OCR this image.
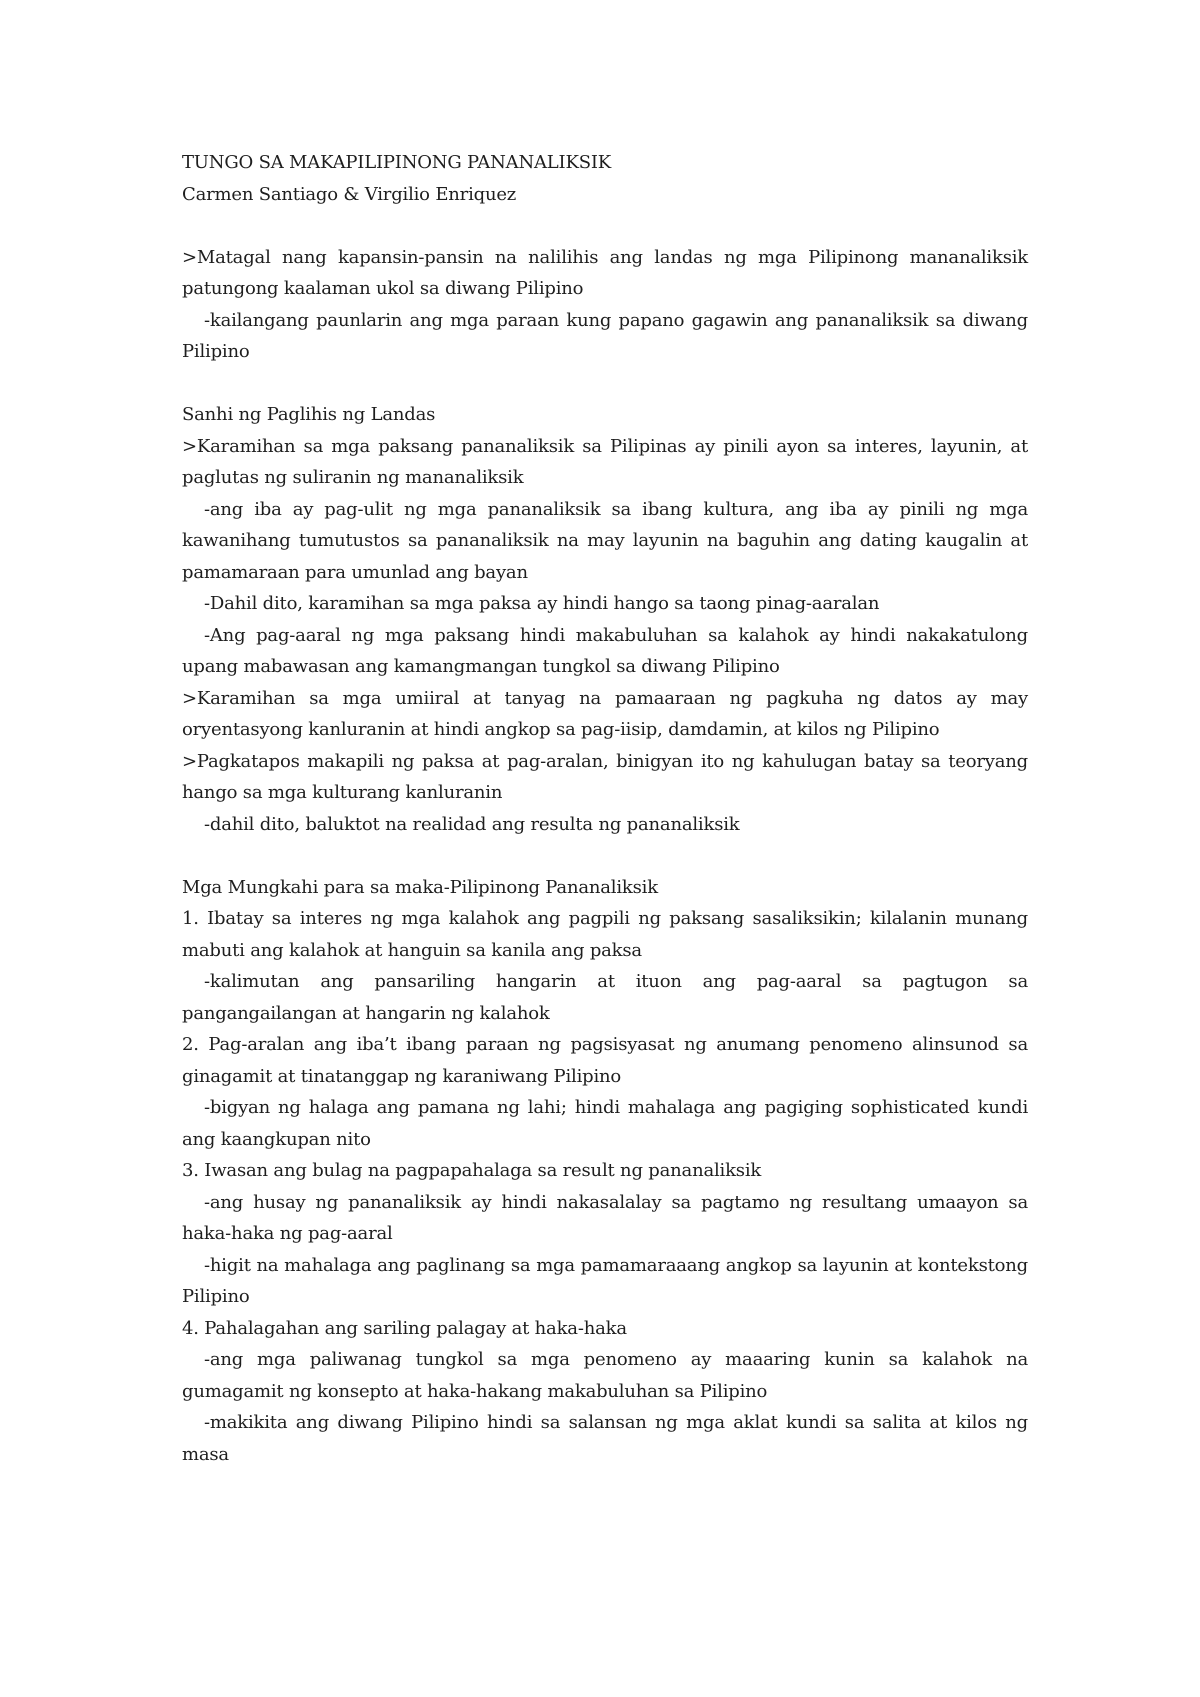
TUNGO SA MAKAPILIPINONG PANANALIKSIK

Carmen Santiago & Virgilio Enriquez

>Matagal nang kapansin-pansin na nalilihis ang landas ng mga Pilipinong mananaliksik patungong kaalaman ukol sa diwang Pilipino

-kailangang paunlarin ang mga paraan kung papano gagawin ang pananaliksik sa diwang Pilipino

Sanhi ng Paglihis ng Landas

>Karamihan sa mga paksang pananaliksik sa Pilipinas ay pinili ayon sa interes, layunin, at paglutas ng suliranin ng mananaliksik

-ang iba ay pag-ulit ng mga pananaliksik sa ibang kultura, ang iba ay pinili ng mga kawanihang tumutustos sa pananaliksik na may layunin na baguhin ang dating kaugalin at pamamaraan para umunlad ang bayan

-Dahil dito, karamihan sa mga paksa ay hindi hango sa taong pinag-aaralan

-Ang pag-aaral ng mga paksang hindi makabuluhan sa kalahok ay hindi nakakatulong upang mabawasan ang kamangmangan tungkol sa diwang Pilipino

>Karamihan sa mga umiiral at tanyag na pamaaraan ng pagkuha ng datos ay may oryentasyong kanluranin at hindi angkop sa pag-iisip, damdamin, at kilos ng Pilipino

>Pagkatapos makapili ng paksa at pag-aralan, binigyan ito ng kahulugan batay sa teoryang hango sa mga kulturang kanluranin

-dahil dito, baluktot na realidad ang resulta ng pananaliksik

Mga Mungkahi para sa maka-Pilipinong Pananaliksik

1. Ibatay sa interes ng mga kalahok ang pagpili ng paksang sasaliksikin; kilalanin munang mabuti ang kalahok at hanguin sa kanila ang paksa

-kalimutan ang pansariling hangarin at ituon ang pag-aaral sa pagtugon sa pangangailangan at hangarin ng kalahok

2. Pag-aralan ang iba’t ibang paraan ng pagsisyasat ng anumang penomeno alinsunod sa ginagamit at tinatanggap ng karaniwang Pilipino

-bigyan ng halaga ang pamana ng lahi; hindi mahalaga ang pagiging sophisticated kundi ang kaangkupan nito

3. Iwasan ang bulag na pagpapahalaga sa result ng pananaliksik

-ang husay ng pananaliksik ay hindi nakasalalay sa pagtamo ng resultang umaayon sa haka-haka ng pag-aaral

-higit na mahalaga ang paglinang sa mga pamamaraaang angkop sa layunin at kontekstong Pilipino

4. Pahalagahan ang sariling palagay at haka-haka

-ang mga paliwanag tungkol sa mga penomeno ay maaaring kunin sa kalahok na gumagamit ng konsepto at haka-hakang makabuluhan sa Pilipino

-makikita ang diwang Pilipino hindi sa salansan ng mga aklat kundi sa salita at kilos ng masa
